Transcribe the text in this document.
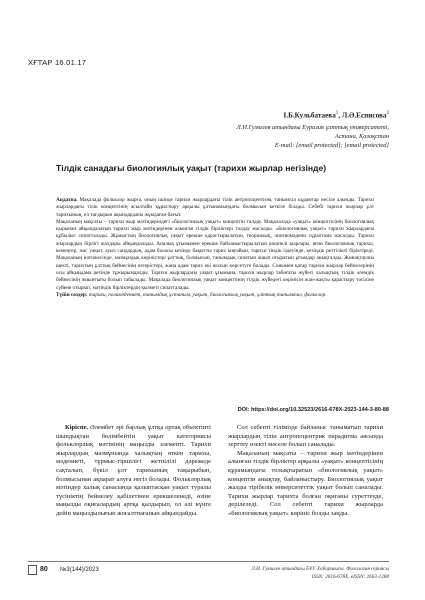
ХҒТАР 16.01.17
І.Б.Кульбатаева$^1$, Л.Ә.Есписова$^2$
Л.Н.Гумилев атындағы Еуразия ұлттық университеті,
Астана, Қазақстан
E-mail: [email protected]; [email protected]
Тілдік санадағы биологиялық уақыт (тарихи жырлар негізінде)

Аңдатпа. Мақалада фольклор жырға, оның ішінде тарихи жырлардағы тілік антропоцентизм, танымтал кұрамтар несіле алынды. Тарихи жырлардағы тілік концептінің асылтайн құрастыру арқылы ұлтынамындағы болмысын кеткізе білады. Себебі тарихи жырлар ұлт тарихының, ел тағдырын ақындардағы жұмдаған бағыт.

Мақаланың мақсаты – тарихи жыр мәтіндеріндегі «биологиялық уақыт» концептін талдау. Мақалалада «уақыт» концептісінің биологиялық қырынан айқындалатын тарихи жыр мәтіндерінен алынған тілдік бірліктері талдау жасалды. «Биологиялық уақыт» тарихи жырлардағы құбылыс сипатталады. Жұмыстың биологиялық уақыт ерекше қарастырылатын, теориялық, лингвомәдени сұраптама жасалды. Тарихи жырлардың бірлігі жалдары айқындалады. Аналық ұғымымен ерекше байланыстырылатын көшпелі қырлары, яғни биологиялық тарихы, кемеңгер, жас уақыт, ауыз сандардың, адам баласы кезінде бақытты тарих ыңғайын, тарихи тіндік іздеуінде, кезіңдік реттілікті біріктіреді. Мақаланың нәтижесінде, мазмұндық көріністері ұлттық, болмысын, танымдық сипатын ашып отыратын ұғымдар анықталды. Жинақтаушы шекті, тарихтың ұлттық бейнесінің өзгерістері, жаңа адам тарих екі жолын көрсетуге болады. Сонымен қатар тарихи жырлар бейнелерінің осы айқындама ретінде тұжырымдалды. Тарихи жырлардағы уақыт ұғымына, тарихи жырлар табиғаты жүйесі халықтың, тілдік әлемдік бейнесінің жиынтығы болып табылады. Мақалада биологиялық уақыт концептінің тілдік жүйедегі көрінісін жан-жақты қарастыру тәсіліне сүйене отырып, мәтіндік бірліктердің қызметі сипатталады.

Түйін сөздер: тарихи, полимәдениет, танымдық ұстаным, уақыт, биологиялық уақыт, ұлттық танымтал, фольклор.

DOI: https://doi.org/10.32523/2616-678X-2023-144-3-80-88

Кіріспе. Әлембет әрі барлық ұлтқа ортақ объектінті шындықтан бөлімбейтін уақыт категориясы фольклорлық мәтінінің маңызды элементі. Тарихи жырлардың мазмұнында халықтың өткен тарихы, мәдениеті, тұрмыс-тіршілігі жетпілілі дәрежеде сақталып, бүкіл ұлт тарихының тақырыбын, болмысынан ақпарат алуға негіз болады. Фольклорлық мәтіндер халық санасында қалыптасқан уақыт туралы түсініктің бейнелеу қабілетінен ерекшеленеді, өзіне маңызды оқиғалардың артқа қалдырып, ол әлі күнге дейін маңыздылығын жоғалтпағанын айқындайды.

Сол себепті тілімізде байланыс таныматып тарихи жырлардың тілін антропоцентрик парадигма аясында зерттеу өзекті мәселе болып саналады.

Мақаланың мақсаты – тарихи жыр мәтіндерінен алынған тілдік бірліктер арқылы «уақыт» концептісінің құрамындағы толықтыратын «биологиялық уақыт» концептін анықтау, байланыстыру. Биологиялық уақыт жалды тірібелік инверситеттік уақыт болып саналады. Тарихи жырлар тарихта болған оқиғаны суреттеуде, дерілеледі. Сол себепті тарихи жырларда «биологиялық уақыт» көрініс болды заңды.

80 №3(144)/2023	Л.Н. Гумилев атындағы ЕҰУ Хабаршысы. Филология сериясы
ISSN: 2616-678X, eISSN: 2663-1288
